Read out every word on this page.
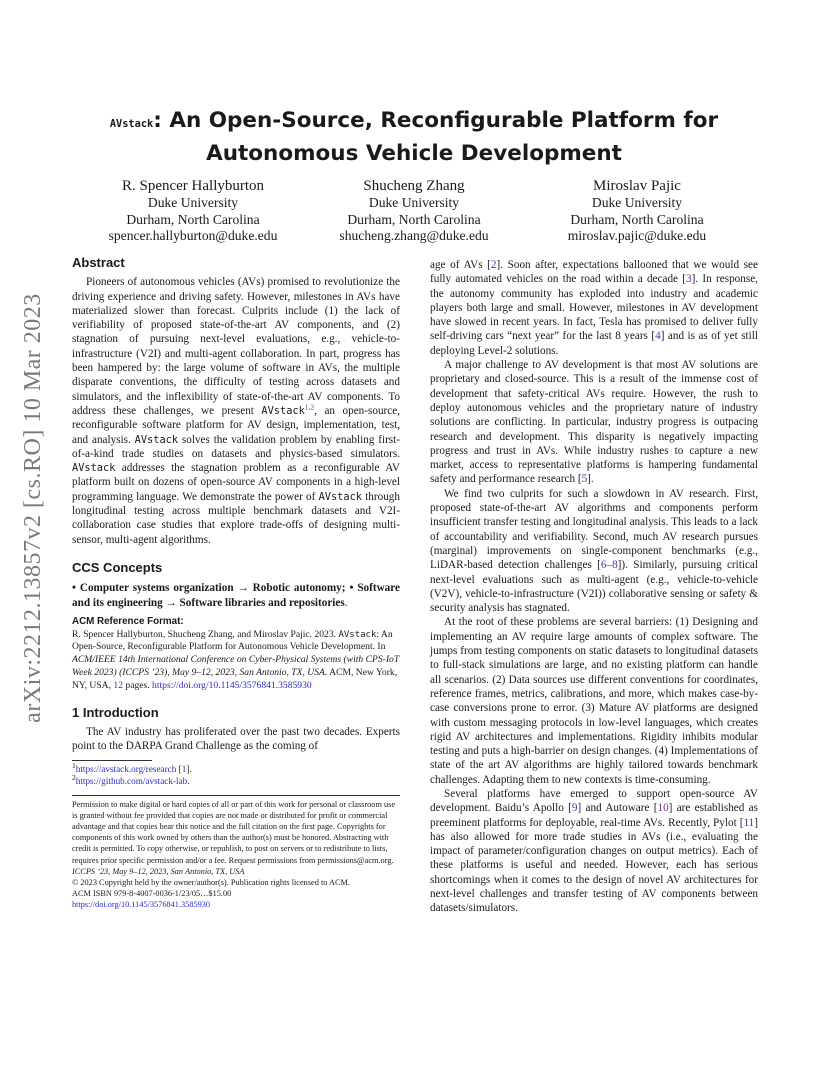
arXiv:2212.13857v2 [cs.RO] 10 Mar 2023
AVstack: An Open-Source, Reconfigurable Platform for
Autonomous Vehicle Development
R. Spencer Hallyburton
Duke University
Durham, North Carolina
spencer.hallyburton@duke.edu
Shucheng Zhang
Duke University
Durham, North Carolina
shucheng.zhang@duke.edu
Miroslav Pajic
Duke University
Durham, North Carolina
miroslav.pajic@duke.edu
Abstract

Pioneers of autonomous vehicles (AVs) promised to revolutionize the driving experience and driving safety. However, milestones in AVs have materialized slower than forecast. Culprits include (1) the lack of verifiability of proposed state-of-the-art AV components, and (2) stagnation of pursuing next-level evaluations, e.g., vehicle-to-infrastructure (V2I) and multi-agent collaboration. In part, progress has been hampered by: the large volume of software in AVs, the multiple disparate conventions, the difficulty of testing across datasets and simulators, and the inflexibility of state-of-the-art AV components. To address these challenges, we present AVstack$^{1,2}$, an open-source, reconfigurable software platform for AV design, implementation, test, and analysis. AVstack solves the validation problem by enabling first-of-a-kind trade studies on datasets and physics-based simulators. AVstack addresses the stagnation problem as a reconfigurable AV platform built on dozens of open-source AV components in a high-level programming language. We demonstrate the power of AVstack through longitudinal testing across multiple benchmark datasets and V2I-collaboration case studies that explore trade-offs of designing multi-sensor, multi-agent algorithms.

CCS Concepts

• Computer systems organization → Robotic autonomy; • Software and its engineering → Software libraries and repositories.

ACM Reference Format:
R. Spencer Hallyburton, Shucheng Zhang, and Miroslav Pajic. 2023. AVstack: An Open-Source, Reconfigurable Platform for Autonomous Vehicle Development. In ACM/IEEE 14th International Conference on Cyber-Physical Systems (with CPS-IoT Week 2023) (ICCPS ’23), May 9–12, 2023, San Antonio, TX, USA. ACM, New York, NY, USA, 12 pages. https://doi.org/10.1145/3576841.3585930
1 Introduction

The AV industry has proliferated over the past two decades. Experts point to the DARPA Grand Challenge as the coming of

$^1$https://avstack.org/research [1].
$^2$https://github.com/avstack-lab.
Permission to make digital or hard copies of all or part of this work for personal or classroom use is granted without fee provided that copies are not made or distributed for profit or commercial advantage and that copies bear this notice and the full citation on the first page. Copyrights for components of this work owned by others than the author(s) must be honored. Abstracting with credit is permitted. To copy otherwise, or republish, to post on servers or to redistribute to lists, requires prior specific permission and/or a fee. Request permissions from permissions@acm.org.
ICCPS ’23, May 9–12, 2023, San Antonio, TX, USA
© 2023 Copyright held by the owner/author(s). Publication rights licensed to ACM.
ACM ISBN 979-8-4007-0036-1/23/05…$15.00
https://doi.org/10.1145/3576841.3585930

age of AVs [2]. Soon after, expectations ballooned that we would see fully automated vehicles on the road within a decade [3]. In response, the autonomy community has exploded into industry and academic players both large and small. However, milestones in AV development have slowed in recent years. In fact, Tesla has promised to deliver fully self-driving cars “next year” for the last 8 years [4] and is as of yet still deploying Level-2 solutions.

A major challenge to AV development is that most AV solutions are proprietary and closed-source. This is a result of the immense cost of development that safety-critical AVs require. However, the rush to deploy autonomous vehicles and the proprietary nature of industry solutions are conflicting. In particular, industry progress is outpacing research and development. This disparity is negatively impacting progress and trust in AVs. While industry rushes to capture a new market, access to representative platforms is hampering fundamental safety and performance research [5].

We find two culprits for such a slowdown in AV research. First, proposed state-of-the-art AV algorithms and components perform insufficient transfer testing and longitudinal analysis. This leads to a lack of accountability and verifiability. Second, much AV research pursues (marginal) improvements on single-component benchmarks (e.g., LiDAR-based detection challenges [6–8]). Similarly, pursuing critical next-level evaluations such as multi-agent (e.g., vehicle-to-vehicle (V2V), vehicle-to-infrastructure (V2I)) collaborative sensing or safety & security analysis has stagnated.

At the root of these problems are several barriers: (1) Designing and implementing an AV require large amounts of complex software. The jumps from testing components on static datasets to longitudinal datasets to full-stack simulations are large, and no existing platform can handle all scenarios. (2) Data sources use different conventions for coordinates, reference frames, metrics, calibrations, and more, which makes case-by-case conversions prone to error. (3) Mature AV platforms are designed with custom messaging protocols in low-level languages, which creates rigid AV architectures and implementations. Rigidity inhibits modular testing and puts a high-barrier on design changes. (4) Implementations of state of the art AV algorithms are highly tailored towards benchmark challenges. Adapting them to new contexts is time-consuming.

Several platforms have emerged to support open-source AV development. Baidu’s Apollo [9] and Autoware [10] are established as preeminent platforms for deployable, real-time AVs. Recently, Pylot [11] has also allowed for more trade studies in AVs (i.e., evaluating the impact of parameter/configuration changes on output metrics). Each of these platforms is useful and needed. However, each has serious shortcomings when it comes to the design of novel AV architectures for next-level challenges and transfer testing of AV components between datasets/simulators.
